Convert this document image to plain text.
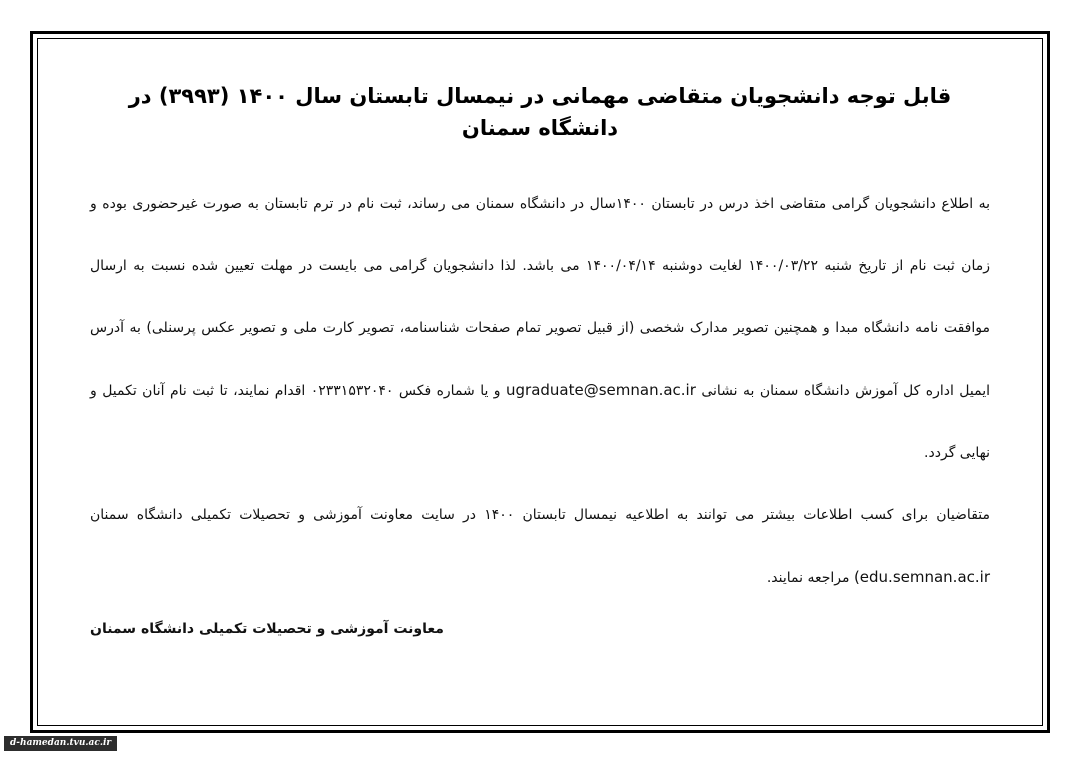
قابل توجه دانشجویان متقاضی مهمانی در نیمسال تابستان سال ۱۴۰۰ (۳۹۹۳) در دانشگاه سمنان

به اطلاع دانشجویان گرامی متقاضی اخذ درس در تابستان ۱۴۰۰سال در دانشگاه سمنان می رساند، ثبت نام در ترم تابستان به صورت غیرحضوری بوده و زمان ثبت نام از تاریخ شنبه ۱۴۰۰/۰۳/۲۲ لغایت دوشنبه ۱۴۰۰/۰۴/۱۴ می باشد. لذا دانشجویان گرامی می بایست در مهلت تعیین شده نسبت به ارسال موافقت نامه دانشگاه مبدا و همچنین تصویر مدارک شخصی (از قبیل تصویر تمام صفحات شناسنامه، تصویر کارت ملی و تصویر عکس پرسنلی) به آدرس ایمیل اداره کل آموزش دانشگاه سمنان به نشانی ugraduate@semnan.ac.ir و یا شماره فکس ۰۲۳۳۱۵۳۲۰۴۰ اقدام نمایند، تا ثبت نام آنان تکمیل و نهایی گردد.

متقاضیان برای کسب اطلاعات بیشتر می توانند به اطلاعیه نیمسال تابستان ۱۴۰۰ در سایت معاونت آموزشی و تحصیلات تکمیلی دانشگاه سمنان (edu.semnan.ac.ir مراجعه نمایند.

معاونت آموزشی و تحصیلات تکمیلی دانشگاه سمنان

d-hamedan.tvu.ac.ir
